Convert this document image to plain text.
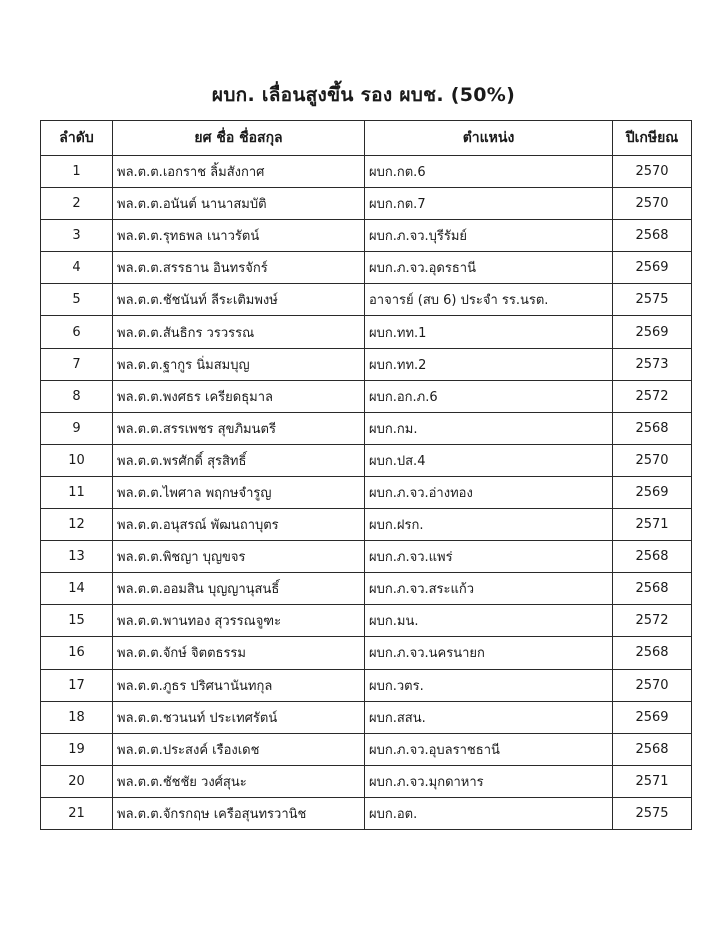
ผบก. เลื่อนสูงขึ้น รอง ผบช. (50%)
ลำดับ	ยศ ชื่อ ชื่อสกุล	ตำแหน่ง	ปีเกษียณ
1	พล.ต.ต.เอกราช ลิ้มสังกาศ	ผบก.กต.6	2570
2	พล.ต.ต.อนันต์ นานาสมบัติ	ผบก.กต.7	2570
3	พล.ต.ต.รุทธพล เนาวรัตน์	ผบก.ภ.จว.บุรีรัมย์	2568
4	พล.ต.ต.สรรธาน อินทรจักร์	ผบก.ภ.จว.อุดรธานี	2569
5	พล.ต.ต.ชัชนันท์ ลีระเติมพงษ์	อาจารย์ (สบ 6) ประจำ รร.นรต.	2575
6	พล.ต.ต.สันธิกร วรวรรณ	ผบก.ทท.1	2569
7	พล.ต.ต.ฐากูร นิ่มสมบุญ	ผบก.ทท.2	2573
8	พล.ต.ต.พงศธร เครียดธุมาล	ผบก.อก.ภ.6	2572
9	พล.ต.ต.สรรเพชร สุขภิมนตรี	ผบก.กม.	2568
10	พล.ต.ต.พรศักดิ์ สุรสิทธิ์	ผบก.ปส.4	2570
11	พล.ต.ต.ไพศาล พฤกษจำรูญ	ผบก.ภ.จว.อ่างทอง	2569
12	พล.ต.ต.อนุสรณ์ พัฒนถาบุตร	ผบก.ฝรก.	2571
13	พล.ต.ต.พิชญา บุญขจร	ผบก.ภ.จว.แพร่	2568
14	พล.ต.ต.ออมสิน บุญญานุสนธิ์	ผบก.ภ.จว.สระแก้ว	2568
15	พล.ต.ต.พานทอง สุวรรณจูฑะ	ผบก.มน.	2572
16	พล.ต.ต.จักษ์ จิตตธรรม	ผบก.ภ.จว.นครนายก	2568
17	พล.ต.ต.ภูธร ปริศนานันทกุล	ผบก.วตร.	2570
18	พล.ต.ต.ชวนนท์ ประเทศรัตน์	ผบก.สสน.	2569
19	พล.ต.ต.ประสงค์ เรืองเดช	ผบก.ภ.จว.อุบลราชธานี	2568
20	พล.ต.ต.ชัชชัย วงศ์สุนะ	ผบก.ภ.จว.มุกดาหาร	2571
21	พล.ต.ต.จักรกฤษ เครือสุนทรวานิช	ผบก.อต.	2575
